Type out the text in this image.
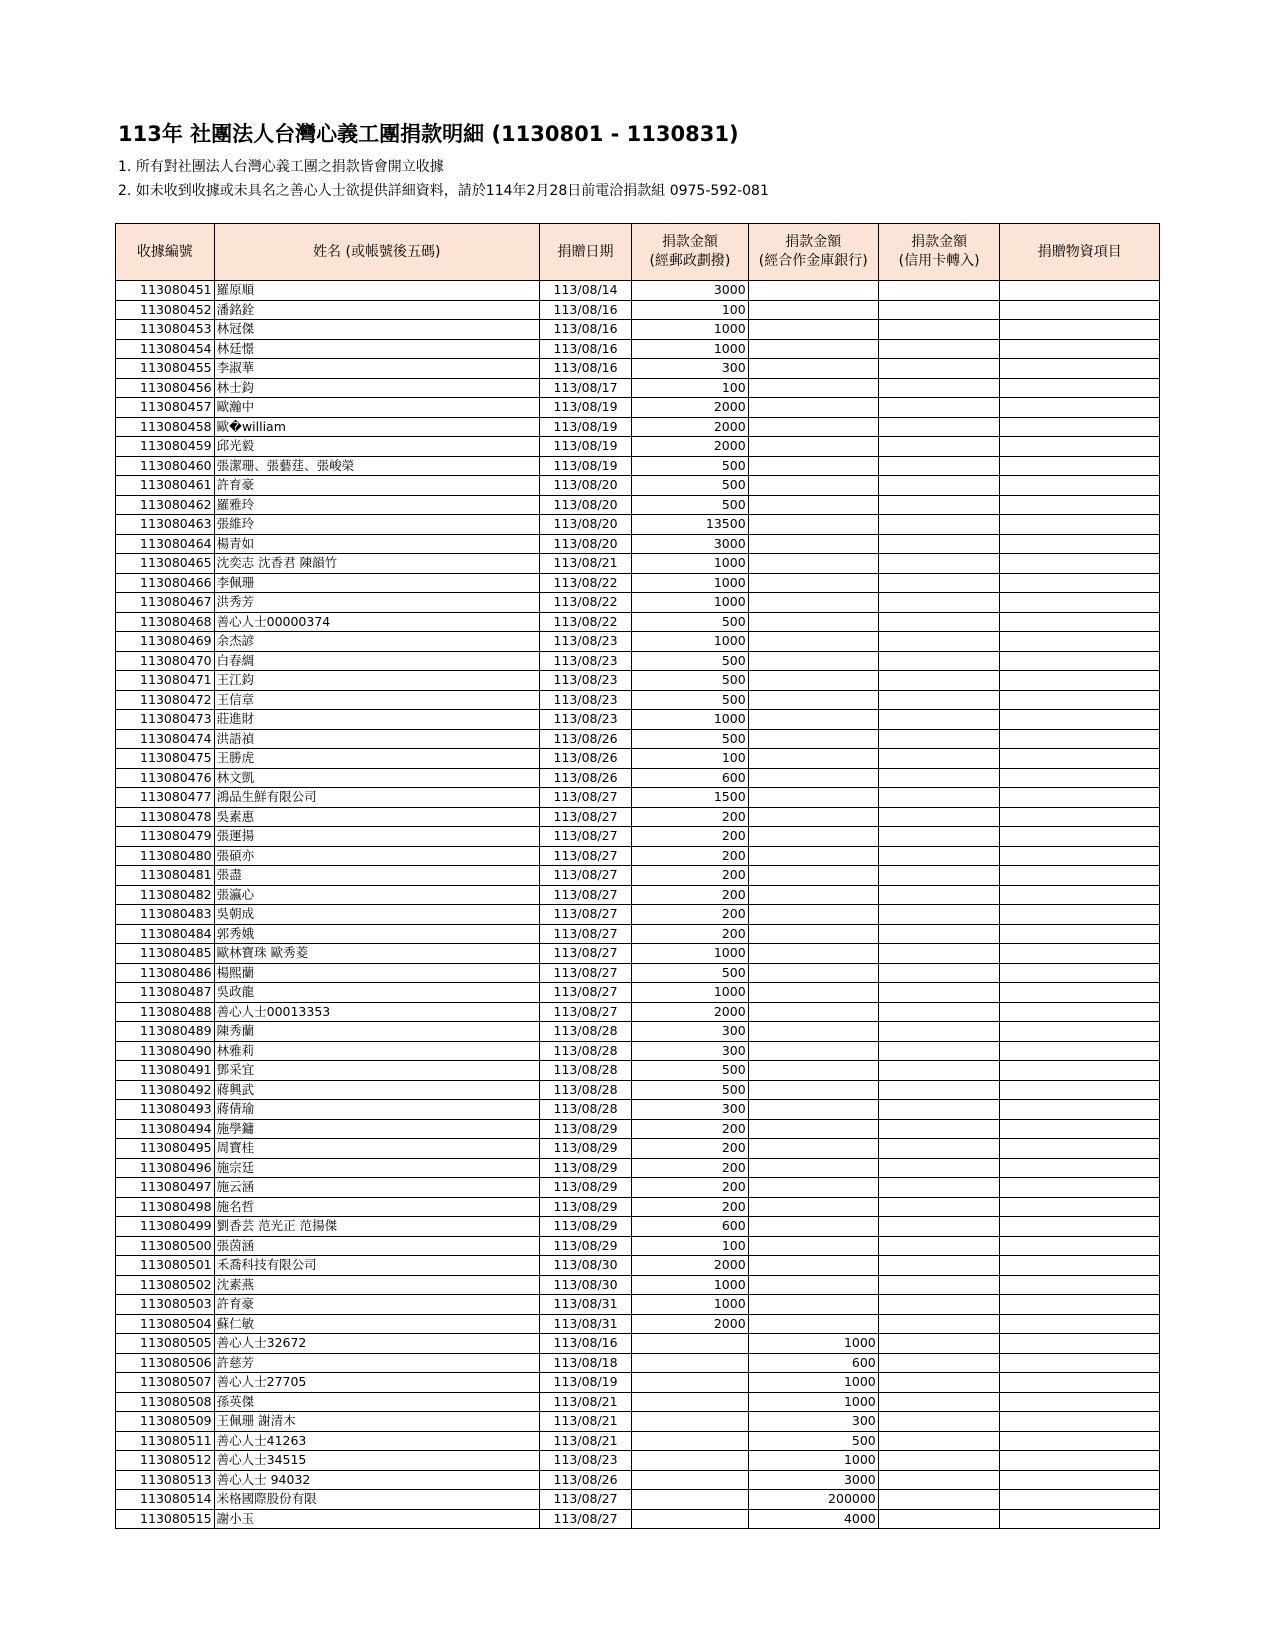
113年 社團法人台灣心義工團捐款明細 (1130801 - 1130831)

1. 所有對社團法人台灣心義工團之捐款皆會開立收據

2. 如未收到收據或未具名之善心人士欲提供詳細資料，請於114年2月28日前電洽捐款組 0975-592-081

收據編號	姓名 (或帳號後五碼)	捐贈日期	捐款金額
(經郵政劃撥)	捐款金額
(經合作金庫銀行)	捐款金額
(信用卡轉入)	捐贈物資項目
113080451	羅原順	113/08/14	3000			
113080452	潘銘銓	113/08/16	100			
113080453	林冠傑	113/08/16	1000			
113080454	林廷憬	113/08/16	1000			
113080455	李淑華	113/08/16	300			
113080456	林士鈞	113/08/17	100			
113080457	歐瀚中	113/08/19	2000			
113080458	歐�william	113/08/19	2000			
113080459	邱光毅	113/08/19	2000			
113080460	張潔珊、張藝莛、張峻榮	113/08/19	500			
113080461	許育豪	113/08/20	500			
113080462	羅雅玲	113/08/20	500			
113080463	張維玲	113/08/20	13500			
113080464	楊青如	113/08/20	3000			
113080465	沈奕志 沈香君 陳韻竹	113/08/21	1000			
113080466	李佩珊	113/08/22	1000			
113080467	洪秀芳	113/08/22	1000			
113080468	善心人士00000374	113/08/22	500			
113080469	余杰諺	113/08/23	1000			
113080470	白春綢	113/08/23	500			
113080471	王江鈞	113/08/23	500			
113080472	王信章	113/08/23	500			
113080473	莊進財	113/08/23	1000			
113080474	洪語禎	113/08/26	500			
113080475	王勝虎	113/08/26	100			
113080476	林文凱	113/08/26	600			
113080477	鴻品生鮮有限公司	113/08/27	1500			
113080478	吳素惠	113/08/27	200			
113080479	張運揚	113/08/27	200			
113080480	張碩亦	113/08/27	200			
113080481	張盡	113/08/27	200			
113080482	張瀛心	113/08/27	200			
113080483	吳朝成	113/08/27	200			
113080484	郭秀娥	113/08/27	200			
113080485	歐林寶珠 歐秀菱	113/08/27	1000			
113080486	楊熙蘭	113/08/27	500			
113080487	吳政龍	113/08/27	1000			
113080488	善心人士00013353	113/08/27	2000			
113080489	陳秀蘭	113/08/28	300			
113080490	林雅莉	113/08/28	300			
113080491	鄧采宜	113/08/28	500			
113080492	蔣興武	113/08/28	500			
113080493	蔣倩瑜	113/08/28	300			
113080494	施學鏞	113/08/29	200			
113080495	周寶桂	113/08/29	200			
113080496	施宗廷	113/08/29	200			
113080497	施云涵	113/08/29	200			
113080498	施名哲	113/08/29	200			
113080499	劉香芸 范光正 范揚傑	113/08/29	600			
113080500	張茵涵	113/08/29	100			
113080501	禾喬科技有限公司	113/08/30	2000			
113080502	沈素燕	113/08/30	1000			
113080503	許育豪	113/08/31	1000			
113080504	蘇仁敏	113/08/31	2000			
113080505	善心人士32672	113/08/16		1000		
113080506	許慈芳	113/08/18		600		
113080507	善心人士27705	113/08/19		1000		
113080508	孫英傑	113/08/21		1000		
113080509	王佩珊 謝清木	113/08/21		300		
113080511	善心人士41263	113/08/21		500		
113080512	善心人士34515	113/08/23		1000		
113080513	善心人士 94032	113/08/26		3000		
113080514	米格國際股份有限	113/08/27		200000		
113080515	謝小玉	113/08/27		4000		
